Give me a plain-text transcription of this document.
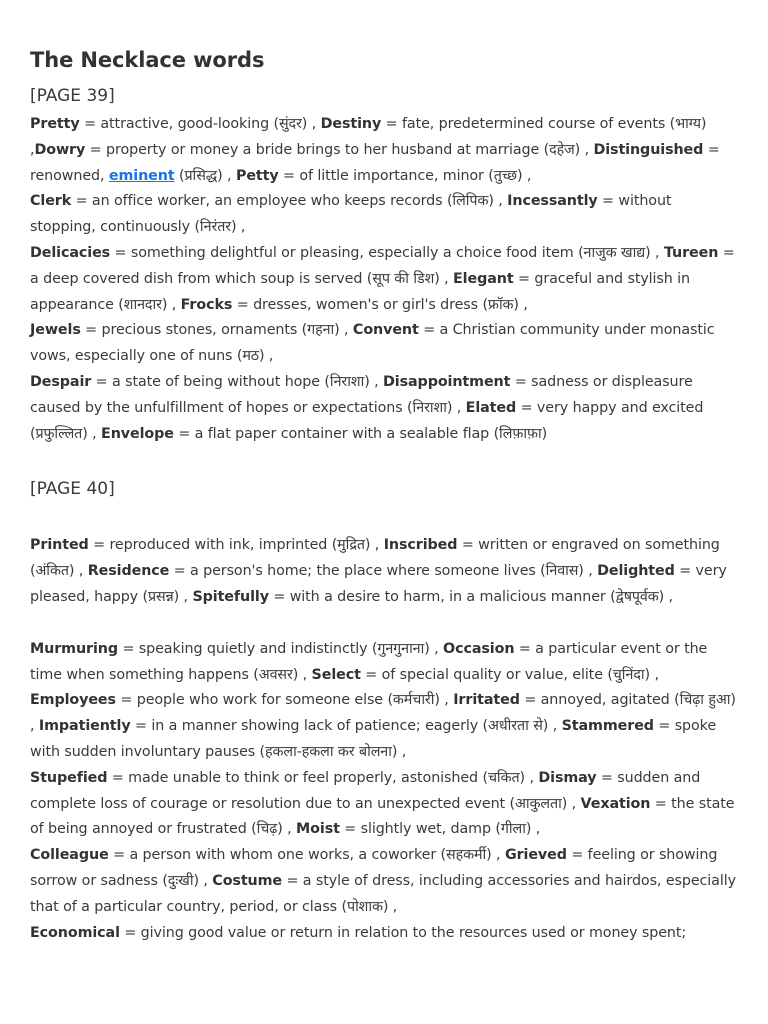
The Necklace words
[PAGE 39]

Pretty = attractive, good-looking (सुंदर) , Destiny = fate, predetermined course of events (भाग्य) ,Dowry = property or money a bride brings to her husband at marriage (दहेज) , Distinguished = renowned, eminent (प्रसिद्ध) , Petty = of little importance, minor (तुच्छ) ,

Clerk = an office worker, an employee who keeps records (लिपिक) , Incessantly = without stopping, continuously (निरंतर) ,

Delicacies = something delightful or pleasing, especially a choice food item (नाजुक खाद्य) , Tureen = a deep covered dish from which soup is served (सूप की डिश) , Elegant = graceful and stylish in appearance (शानदार) , Frocks = dresses, women's or girl's dress (फ्रॉक) ,

Jewels = precious stones, ornaments (गहना) , Convent = a Christian community under monastic vows, especially one of nuns (मठ) ,

Despair = a state of being without hope (निराशा) , Disappointment = sadness or displeasure caused by the unfulfillment of hopes or expectations (निराशा) , Elated = very happy and excited (प्रफुल्लित) , Envelope = a flat paper container with a sealable flap (लिफ़ाफ़ा)

[PAGE 40]

Printed = reproduced with ink, imprinted (मुद्रित) , Inscribed = written or engraved on something (अंकित) , Residence = a person's home; the place where someone lives (निवास) , Delighted = very pleased, happy (प्रसन्न) , Spitefully = with a desire to harm, in a malicious manner (द्वेषपूर्वक) ,

Murmuring = speaking quietly and indistinctly (गुनगुनाना) , Occasion = a particular event or the time when something happens (अवसर) , Select = of special quality or value, elite (चुनिंदा) ,

Employees = people who work for someone else (कर्मचारी) , Irritated = annoyed, agitated (चिढ़ा हुआ) , Impatiently = in a manner showing lack of patience; eagerly (अधीरता से) , Stammered = spoke with sudden involuntary pauses (हकला-हकला कर बोलना) ,

Stupefied = made unable to think or feel properly, astonished (चकित) , Dismay = sudden and complete loss of courage or resolution due to an unexpected event (आकुलता) , Vexation = the state of being annoyed or frustrated (चिढ़) , Moist = slightly wet, damp (गीला) ,

Colleague = a person with whom one works, a coworker (सहकर्मी) , Grieved = feeling or showing sorrow or sadness (दुःखी) , Costume = a style of dress, including accessories and hairdos, especially that of a particular country, period, or class (पोशाक) ,

Economical = giving good value or return in relation to the resources used or money spent;
